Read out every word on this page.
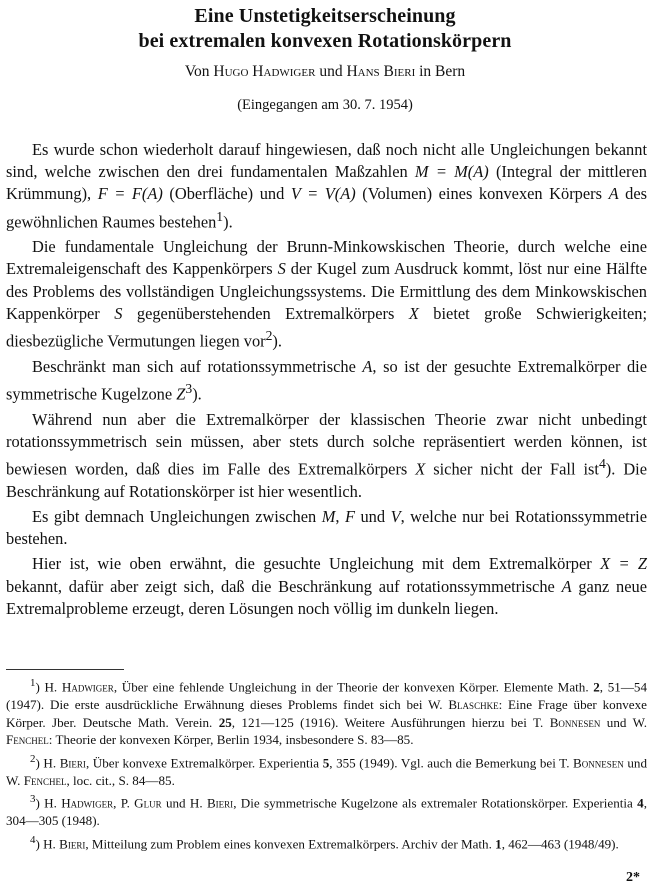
Eine Unstetigkeitserscheinung
bei extremalen konvexen Rotationskörpern
Von Hugo Hadwiger und Hans Bieri in Bern
(Eingegangen am 30. 7. 1954)

Es wurde schon wiederholt darauf hingewiesen, daß noch nicht alle Ungleichungen bekannt sind, welche zwischen den drei fundamentalen Maßzahlen M = M(A) (Integral der mittleren Krümmung), F = F(A) (Oberfläche) und V = V(A) (Volumen) eines konvexen Körpers A des gewöhnlichen Raumes bestehen$^1$).

Die fundamentale Ungleichung der Brunn-Minkowskischen Theorie, durch welche eine Extremaleigenschaft des Kappenkörpers S der Kugel zum Ausdruck kommt, löst nur eine Hälfte des Problems des vollständigen Ungleichungssystems. Die Ermittlung des dem Minkowskischen Kappenkörper S gegenüberstehenden Extremalkörpers X bietet große Schwierigkeiten; diesbezügliche Vermutungen liegen vor$^2$).

Beschränkt man sich auf rotationssymmetrische A, so ist der gesuchte Extremalkörper die symmetrische Kugelzone $Z^3$).

Während nun aber die Extremalkörper der klassischen Theorie zwar nicht unbedingt rotationssymmetrisch sein müssen, aber stets durch solche repräsentiert werden können, ist bewiesen worden, daß dies im Falle des Extremalkörpers X sicher nicht der Fall ist$^4$). Die Beschränkung auf Rotationskörper ist hier wesentlich.

Es gibt demnach Ungleichungen zwischen M, F und V, welche nur bei Rotationssymmetrie bestehen.

Hier ist, wie oben erwähnt, die gesuchte Ungleichung mit dem Extremalkörper X = Z bekannt, dafür aber zeigt sich, daß die Beschränkung auf rotationssymmetrische A ganz neue Extremalprobleme erzeugt, deren Lösungen noch völlig im dunkeln liegen.

$^1$) H. Hadwiger, Über eine fehlende Ungleichung in der Theorie der konvexen Körper. Elemente Math. 2, 51—54 (1947). Die erste ausdrückliche Erwähnung dieses Problems findet sich bei W. Blaschke: Eine Frage über konvexe Körper. Jber. Deutsche Math. Verein. 25, 121—125 (1916). Weitere Ausführungen hierzu bei T. Bonnesen und W. Fenchel: Theorie der konvexen Körper, Berlin 1934, insbesondere S. 83—85.

$^2$) H. Bieri, Über konvexe Extremalkörper. Experientia 5, 355 (1949). Vgl. auch die Bemerkung bei T. Bonnesen und W. Fenchel, loc. cit., S. 84—85.

$^3$) H. Hadwiger, P. Glur und H. Bieri, Die symmetrische Kugelzone als extremaler Rotationskörper. Experientia 4, 304—305 (1948).

$^4$) H. Bieri, Mitteilung zum Problem eines konvexen Extremalkörpers. Archiv der Math. 1, 462—463 (1948/49).

2*
